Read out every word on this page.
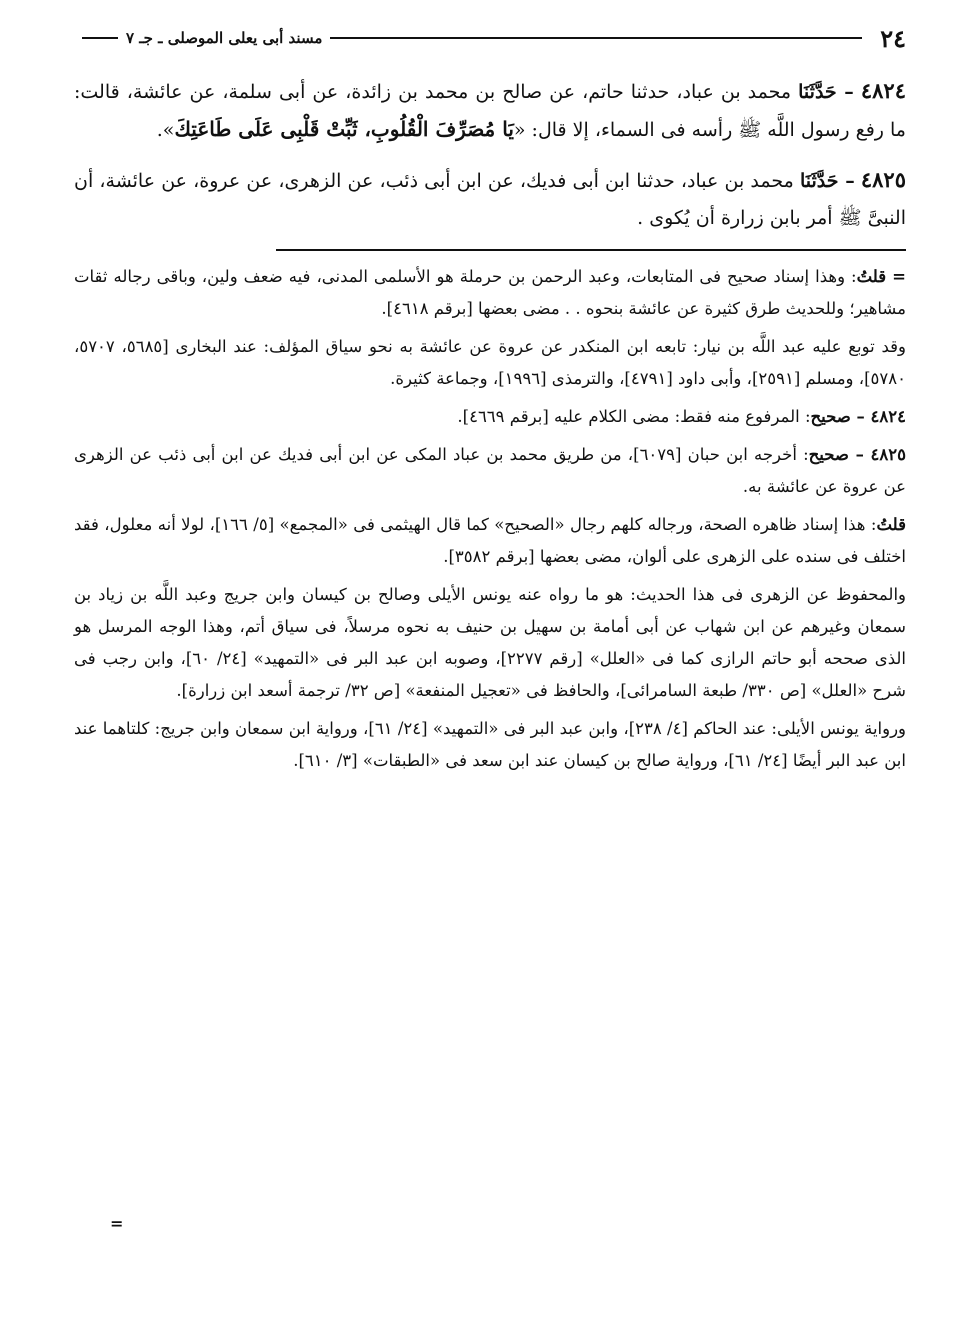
٢٤
مسند أبى يعلى الموصلى ـ جـ ٧

٤٨٢٤ – حَدَّثَنَا محمد بن عباد، حدثنا حاتم، عن صالح بن محمد بن زائدة، عن أبى سلمة، عن عائشة، قالت: ما رفع رسول اللَّه ﷺ رأسه فى السماء، إلا قال: «يَا مُصَرِّفَ الْقُلُوبِ، ثَبِّتْ قَلْبِى عَلَى طَاعَتِكَ».

٤٨٢٥ – حَدَّثَنَا محمد بن عباد، حدثنا ابن أبى فديك، عن ابن أبى ذئب، عن الزهرى، عن عروة، عن عائشة، أن النبىَّ ﷺ أمر بابن زرارة أن يُكوى .

=قلتُ: وهذا إسناد صحيح فى المتابعات، وعبد الرحمن بن حرملة هو الأسلمى المدنى، فيه ضعف ولين، وباقى رجاله ثقات مشاهير؛ وللحديث طرق كثيرة عن عائشة بنحوه . . مضى بعضها [برقم ٤٦١٨].

وقد توبع عليه عبد اللَّه بن نيار: تابعه ابن المنكدر عن عروة عن عائشة به نحو سياق المؤلف: عند البخارى [٥٦٨٥، ٥٧٠٧، ٥٧٨٠]، ومسلم [٢٥٩١]، وأبى داود [٤٧٩١]، والترمذى [١٩٩٦]، وجماعة كثيرة.

٤٨٢٤ – صحيح: المرفوع منه فقط: مضى الكلام عليه [برقم ٤٦٦٩].

٤٨٢٥ – صحيح: أخرجه ابن حبان [٦٠٧٩]، من طريق محمد بن عباد المكى عن ابن أبى فديك عن ابن أبى ذئب عن الزهرى عن عروة عن عائشة به.

قلتُ: هذا إسناد ظاهره الصحة، ورجاله كلهم رجال «الصحيح» كما قال الهيثمى فى «المجمع» [٥/ ١٦٦]، لولا أنه معلول، فقد اختلف فى سنده على الزهرى على ألوان، مضى بعضها [برقم ٣٥٨٢].

والمحفوظ عن الزهرى فى هذا الحديث: هو ما رواه عنه يونس الأيلى وصالح بن كيسان وابن جريج وعبد اللَّه بن زياد بن سمعان وغيرهم عن ابن شهاب عن أبى أمامة بن سهيل بن حنيف به نحوه مرسلاً، فى سياق أتم، وهذا الوجه المرسل هو الذى صححه أبو حاتم الرازى كما فى «العلل» [رقم ٢٢٧٧]، وصوبه ابن عبد البر فى «التمهيد» [٢٤/ ٦٠]، وابن رجب فى شرح «العلل» [ص ٣٣٠/ طبعة السامرائى]، والحافظ فى «تعجيل المنفعة» [ص ٣٢/ ترجمة أسعد ابن زرارة].

ورواية يونس الأيلى: عند الحاكم [٤/ ٢٣٨]، وابن عبد البر فى «التمهيد» [٢٤/ ٦١]، ورواية ابن سمعان وابن جريج: كلتاهما عند ابن عبد البر أيضًا [٢٤/ ٦١]، ورواية صالح بن كيسان عند ابن سعد فى «الطبقات» [٣/ ٦١٠].

=
